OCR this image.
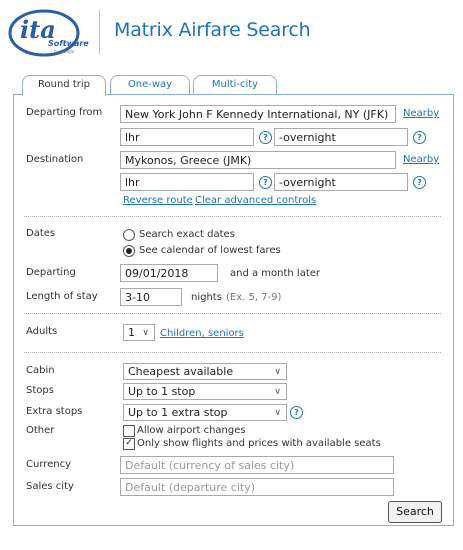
ita
Software
by Google
Matrix Airfare Search
Round trip	One-way	Multi-city
Departing from	New York John F Kennedy International, NY (JFK)	Nearby
lhr	?	-overnight	?
Destination	Mykonos, Greece (JMK)	Nearby
lhr	?	-overnight	?
Reverse route Clear advanced controls
Dates	Search exact dates
See calendar of lowest fares
Departing	09/01/2018	and a month later
Length of stay	3-10	nights (Ex. 5, 7-9)
Adults	1 ∨ Children, seniors
Cabin	Cheapest available	∨
Stops	Up to 1 stop	∨
Extra stops	Up to 1 extra stop	∨	?
Other	Allow airport changes
✓ Only show flights and prices with available seats
Currency	Default (currency of sales city)
Sales city	Default (departure city)
Search
